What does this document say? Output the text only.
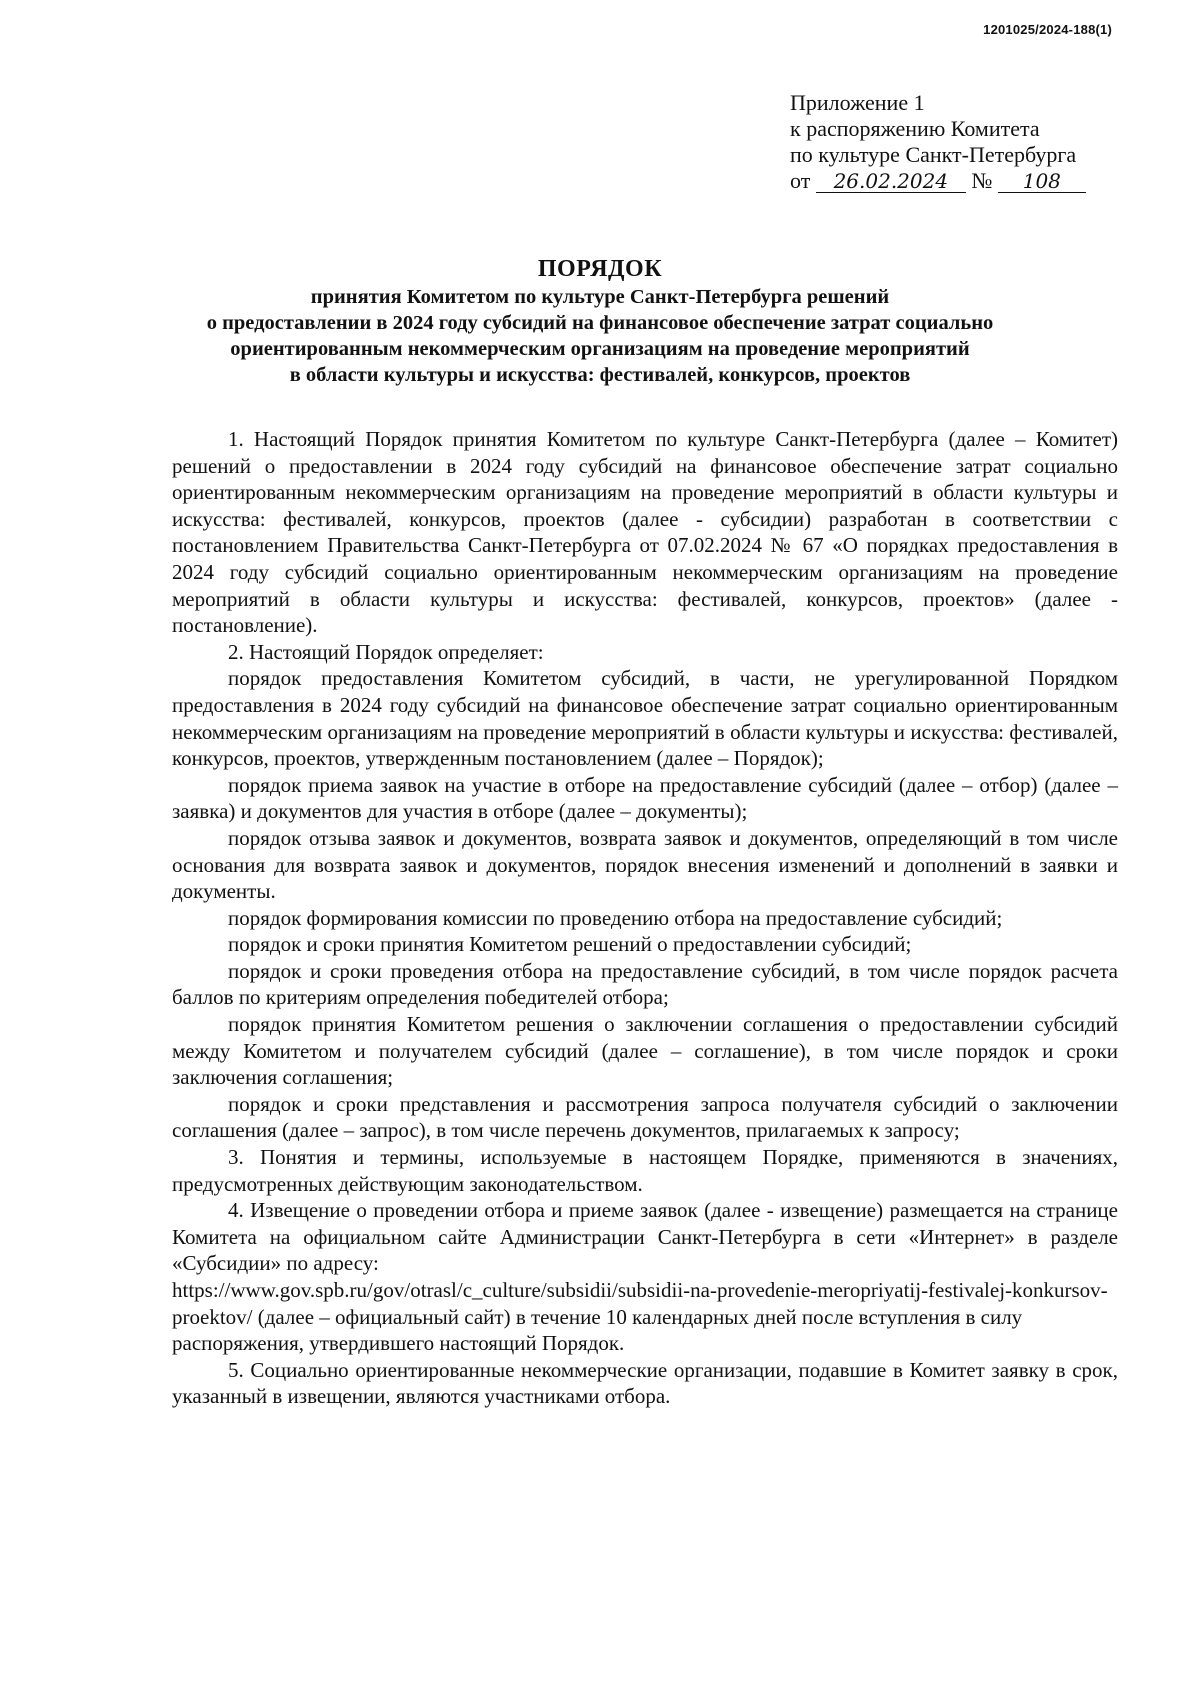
1201025/2024-188(1)
Приложение 1
к распоряжению Комитета
по культуре Санкт-Петербурга
от 26.02.2024 № 108
ПОРЯДОК
принятия Комитетом по культуре Санкт-Петербурга решений
о предоставлении в 2024 году субсидий на финансовое обеспечение затрат социально
ориентированным некоммерческим организациям на проведение мероприятий
в области культуры и искусства: фестивалей, конкурсов, проектов

1. Настоящий Порядок принятия Комитетом по культуре Санкт-Петербурга (далее – Комитет) решений о предоставлении в 2024 году субсидий на финансовое обеспечение затрат социально ориентированным некоммерческим организациям на проведение мероприятий в области культуры и искусства: фестивалей, конкурсов, проектов (далее - субсидии) разработан в соответствии с постановлением Правительства Санкт-Петербурга от 07.02.2024 № 67 «О порядках предоставления в 2024 году субсидий социально ориентированным некоммерческим организациям на проведение мероприятий в области культуры и искусства: фестивалей, конкурсов, проектов» (далее - постановление).

2. Настоящий Порядок определяет:

порядок предоставления Комитетом субсидий, в части, не урегулированной Порядком предоставления в 2024 году субсидий на финансовое обеспечение затрат социально ориентированным некоммерческим организациям на проведение мероприятий в области культуры и искусства: фестивалей, конкурсов, проектов, утвержденным постановлением (далее – Порядок);

порядок приема заявок на участие в отборе на предоставление субсидий (далее – отбор) (далее – заявка) и документов для участия в отборе (далее – документы);

порядок отзыва заявок и документов, возврата заявок и документов, определяющий в том числе основания для возврата заявок и документов, порядок внесения изменений и дополнений в заявки и документы.

порядок формирования комиссии по проведению отбора на предоставление субсидий;

порядок и сроки принятия Комитетом решений о предоставлении субсидий;

порядок и сроки проведения отбора на предоставление субсидий, в том числе порядок расчета баллов по критериям определения победителей отбора;

порядок принятия Комитетом решения о заключении соглашения о предоставлении субсидий между Комитетом и получателем субсидий (далее – соглашение), в том числе порядок и сроки заключения соглашения;

порядок и сроки представления и рассмотрения запроса получателя субсидий о заключении соглашения (далее – запрос), в том числе перечень документов, прилагаемых к запросу;

3. Понятия и термины, используемые в настоящем Порядке, применяются в значениях, предусмотренных действующим законодательством.

4. Извещение о проведении отбора и приеме заявок (далее - извещение) размещается на странице Комитета на официальном сайте Администрации Санкт-Петербурга в сети «Интернет» в разделе «Субсидии» по адресу:

https://www.gov.spb.ru/gov/otrasl/c_culture/subsidii/subsidii-na-provedenie-meropriyatij-festivalej-konkursov-proektov/ (далее – официальный сайт) в течение 10 календарных дней после вступления в силу распоряжения, утвердившего настоящий Порядок.

5. Социально ориентированные некоммерческие организации, подавшие в Комитет заявку в срок, указанный в извещении, являются участниками отбора.
